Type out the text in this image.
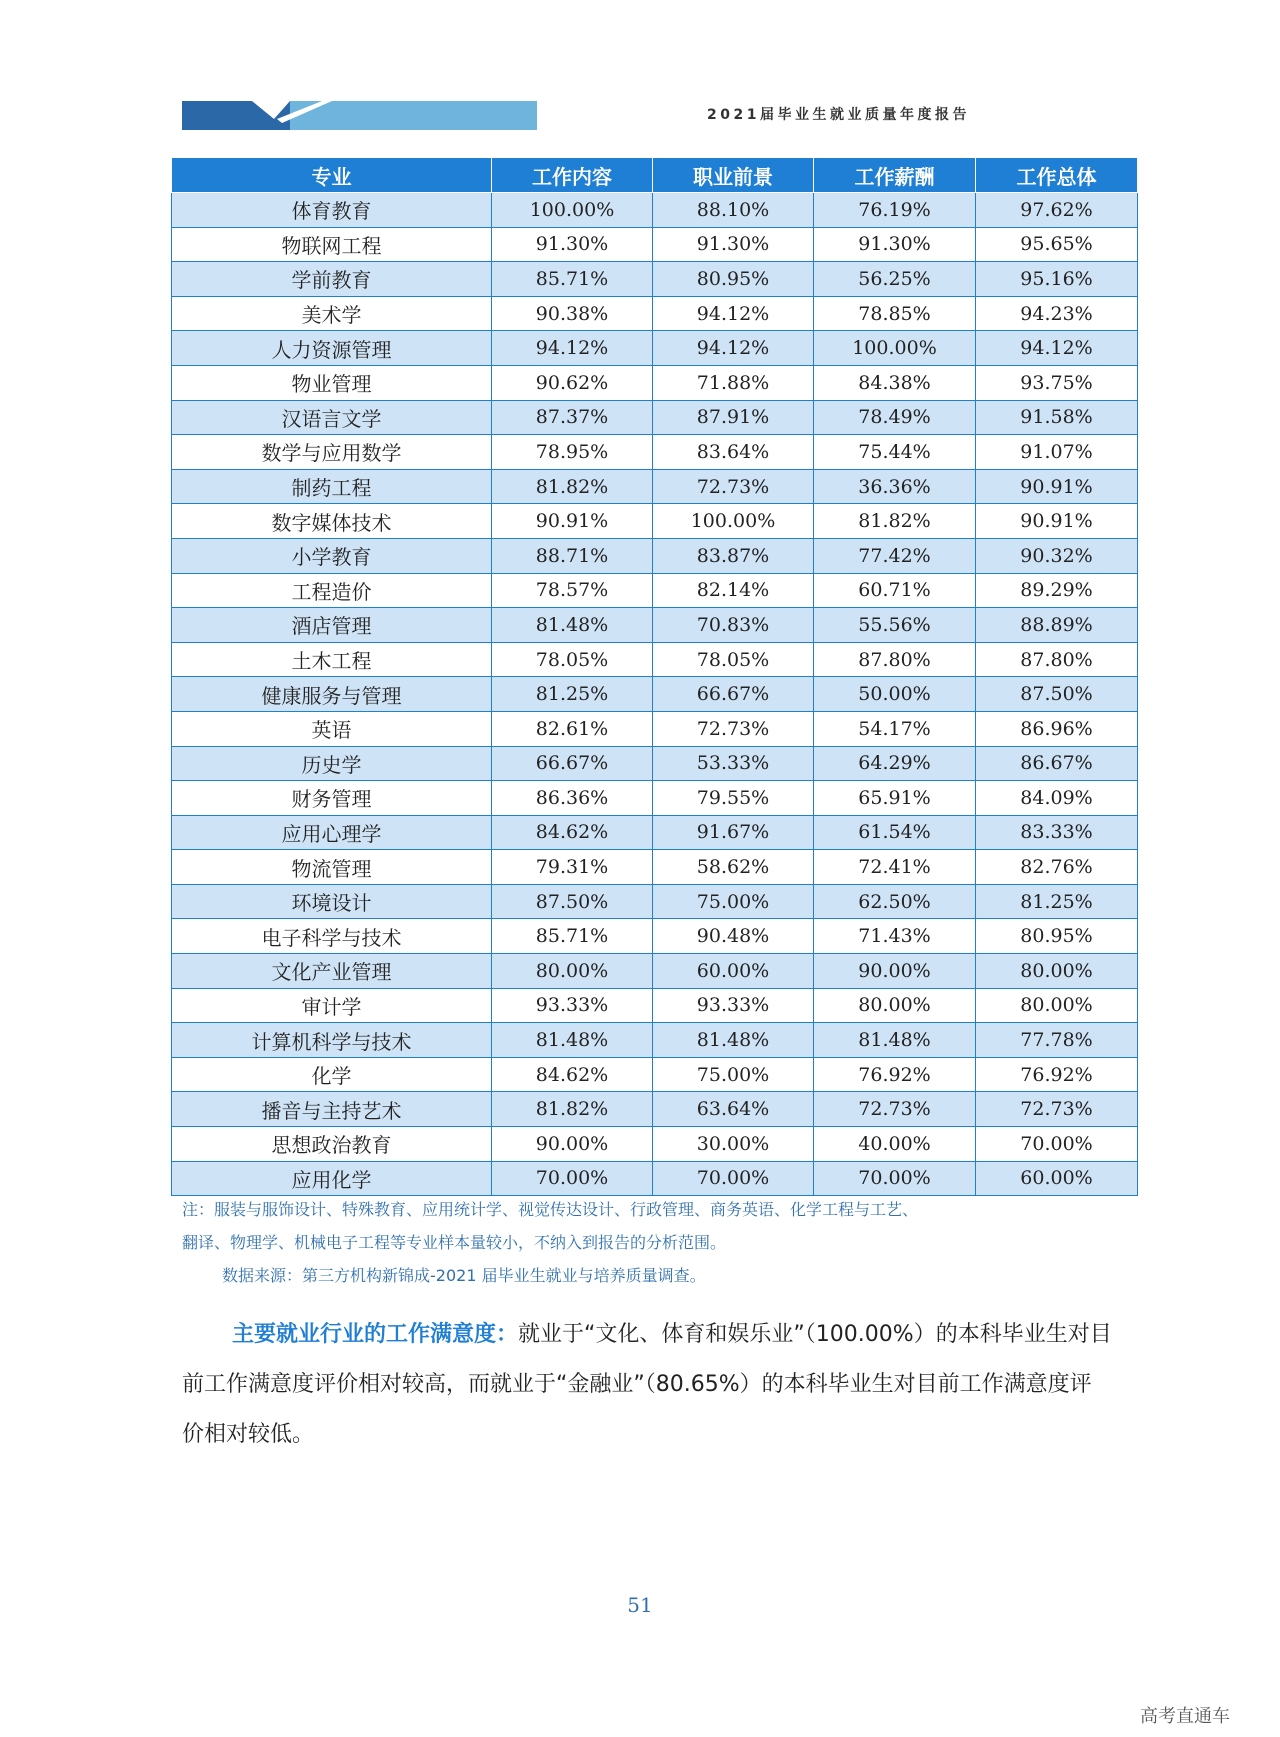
2021届毕业生就业质量年度报告
专业	工作内容	职业前景	工作薪酬	工作总体
体育教育	100.00%	88.10%	76.19%	97.62%
物联网工程	91.30%	91.30%	91.30%	95.65%
学前教育	85.71%	80.95%	56.25%	95.16%
美术学	90.38%	94.12%	78.85%	94.23%
人力资源管理	94.12%	94.12%	100.00%	94.12%
物业管理	90.62%	71.88%	84.38%	93.75%
汉语言文学	87.37%	87.91%	78.49%	91.58%
数学与应用数学	78.95%	83.64%	75.44%	91.07%
制药工程	81.82%	72.73%	36.36%	90.91%
数字媒体技术	90.91%	100.00%	81.82%	90.91%
小学教育	88.71%	83.87%	77.42%	90.32%
工程造价	78.57%	82.14%	60.71%	89.29%
酒店管理	81.48%	70.83%	55.56%	88.89%
土木工程	78.05%	78.05%	87.80%	87.80%
健康服务与管理	81.25%	66.67%	50.00%	87.50%
英语	82.61%	72.73%	54.17%	86.96%
历史学	66.67%	53.33%	64.29%	86.67%
财务管理	86.36%	79.55%	65.91%	84.09%
应用心理学	84.62%	91.67%	61.54%	83.33%
物流管理	79.31%	58.62%	72.41%	82.76%
环境设计	87.50%	75.00%	62.50%	81.25%
电子科学与技术	85.71%	90.48%	71.43%	80.95%
文化产业管理	80.00%	60.00%	90.00%	80.00%
审计学	93.33%	93.33%	80.00%	80.00%
计算机科学与技术	81.48%	81.48%	81.48%	77.78%
化学	84.62%	75.00%	76.92%	76.92%
播音与主持艺术	81.82%	63.64%	72.73%	72.73%
思想政治教育	90.00%	30.00%	40.00%	70.00%
应用化学	70.00%	70.00%	70.00%	60.00%

注：服装与服饰设计、特殊教育、应用统计学、视觉传达设计、行政管理、商务英语、化学工程与工艺、

翻译、物理学、机械电子工程等专业样本量较小，不纳入到报告的分析范围。

数据来源：第三方机构新锦成-2021 届毕业生就业与培养质量调查。

主要就业行业的工作满意度：就业于“文化、体育和娱乐业”（100.00%）的本科毕业生对目前工作满意度评价相对较高，而就业于“金融业”（80.65%）的本科毕业生对目前工作满意度评价相对较低。

51
高考直通车
